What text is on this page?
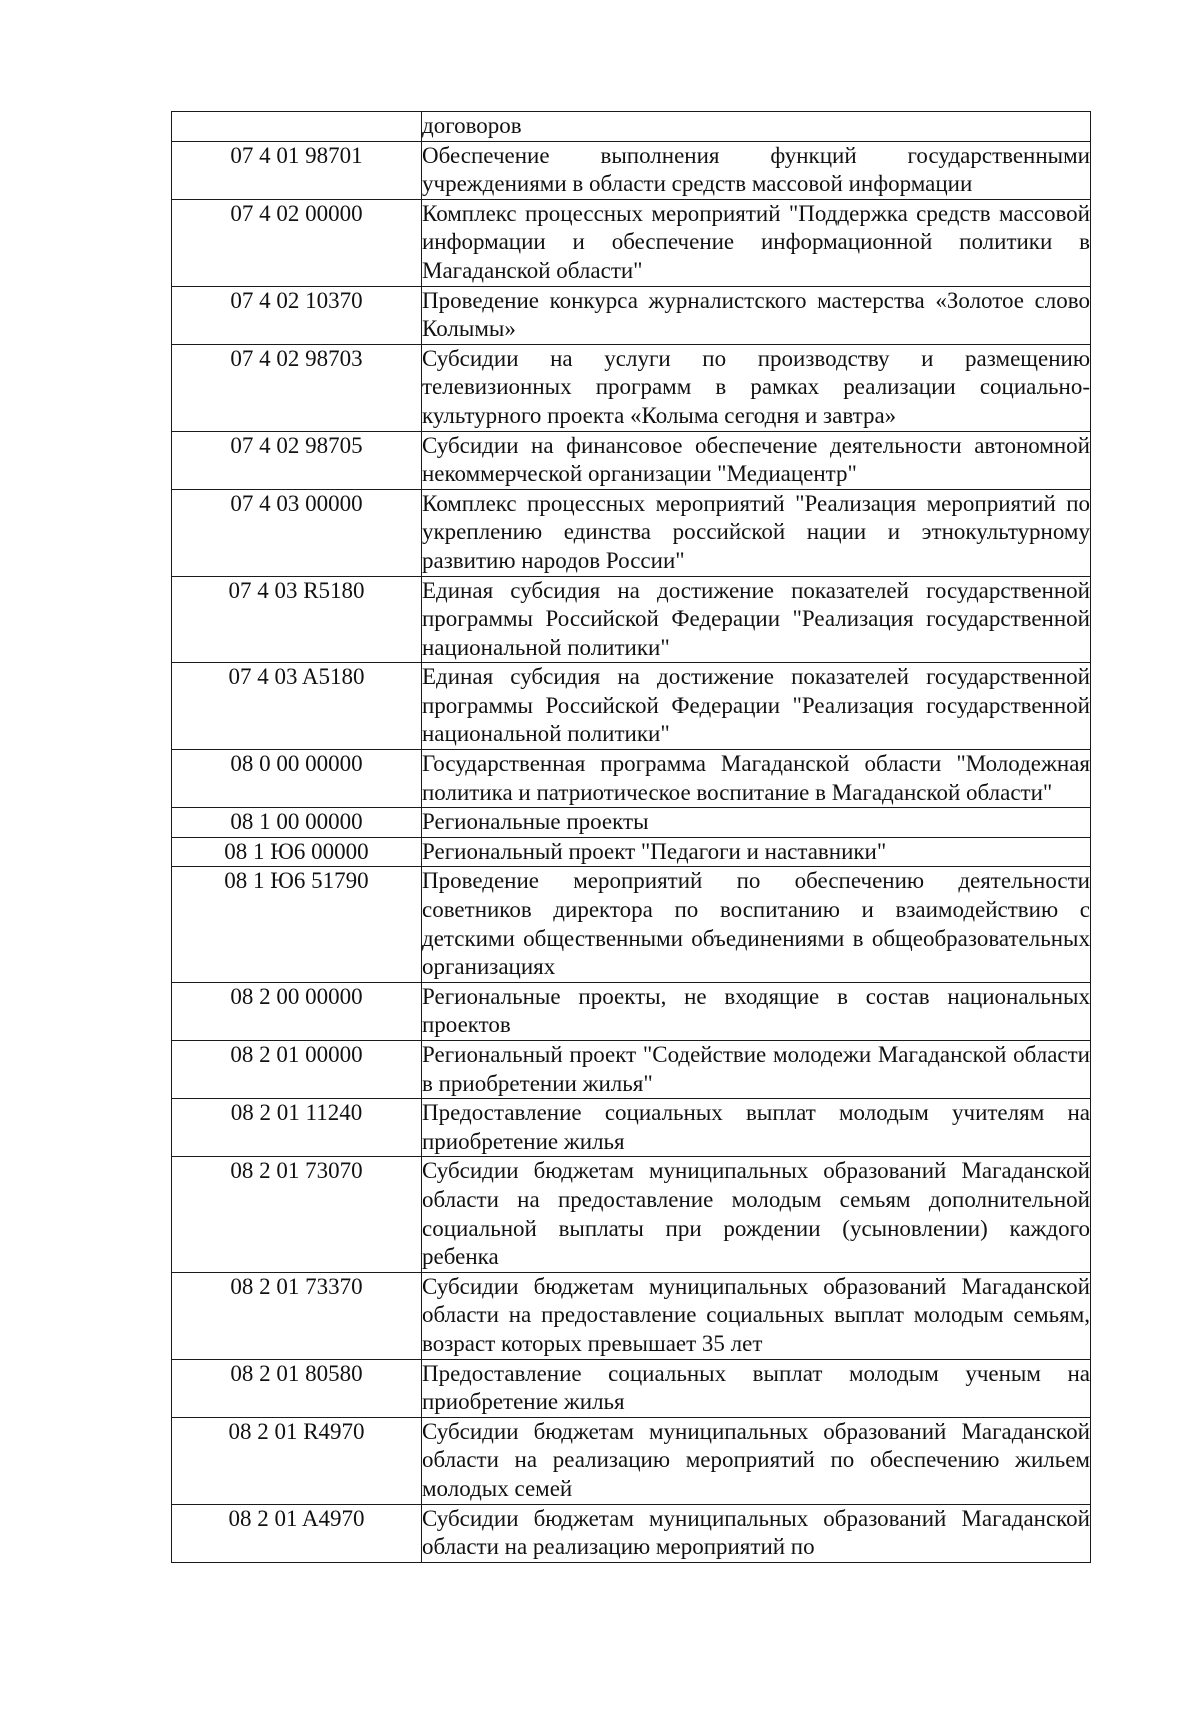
	договоров
07 4 01 98701	Обеспечение выполнения функций государственными учреждениями в области средств массовой информации
07 4 02 00000	Комплекс процессных мероприятий "Поддержка средств массовой информации и обеспечение информационной политики в Магаданской области"
07 4 02 10370	Проведение конкурса журналистского мастерства «Золотое слово Колымы»
07 4 02 98703	Субсидии на услуги по производству и размещению телевизионных программ в рамках реализации социально-культурного проекта «Колыма сегодня и завтра»
07 4 02 98705	Субсидии на финансовое обеспечение деятельности автономной некоммерческой организации "Медиацентр"
07 4 03 00000	Комплекс процессных мероприятий "Реализация мероприятий по укреплению единства российской нации и этнокультурному развитию народов России"
07 4 03 R5180	Единая субсидия на достижение показателей государственной программы Российской Федерации "Реализация государственной национальной политики"
07 4 03 A5180	Единая субсидия на достижение показателей государственной программы Российской Федерации "Реализация государственной национальной политики"
08 0 00 00000	Государственная программа Магаданской области "Молодежная политика и патриотическое воспитание в Магаданской области"
08 1 00 00000	Региональные проекты
08 1 Ю6 00000	Региональный проект "Педагоги и наставники"
08 1 Ю6 51790	Проведение мероприятий по обеспечению деятельности советников директора по воспитанию и взаимодействию с детскими общественными объединениями в общеобразовательных организациях
08 2 00 00000	Региональные проекты, не входящие в состав национальных проектов
08 2 01 00000	Региональный проект "Содействие молодежи Магаданской области в приобретении жилья"
08 2 01 11240	Предоставление социальных выплат молодым учителям на приобретение жилья
08 2 01 73070	Субсидии бюджетам муниципальных образований Магаданской области на предоставление молодым семьям дополнительной социальной выплаты при рождении (усыновлении) каждого ребенка
08 2 01 73370	Субсидии бюджетам муниципальных образований Магаданской области на предоставление социальных выплат молодым семьям, возраст которых превышает 35 лет
08 2 01 80580	Предоставление социальных выплат молодым ученым на приобретение жилья
08 2 01 R4970	Субсидии бюджетам муниципальных образований Магаданской области на реализацию мероприятий по обеспечению жильем молодых семей
08 2 01 A4970	Субсидии бюджетам муниципальных образований Магаданской области на реализацию мероприятий по
